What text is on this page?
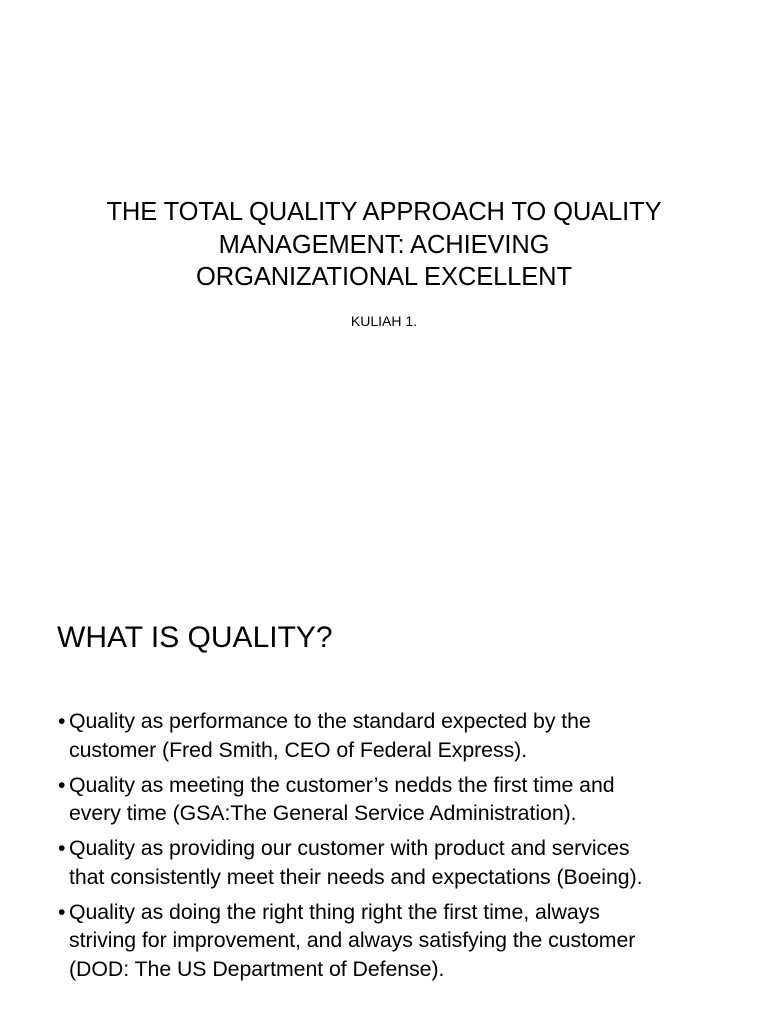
THE TOTAL QUALITY APPROACH TO QUALITY
MANAGEMENT: ACHIEVING
ORGANIZATIONAL EXCELLENT

KULIAH 1.

WHAT IS QUALITY?
• Quality as performance to the standard expected by the
customer (Fred Smith, CEO of Federal Express).
• Quality as meeting the customer’s nedds the first time and
every time (GSA:The General Service Administration).
• Quality as providing our customer with product and services
that consistently meet their needs and expectations (Boeing).
• Quality as doing the right thing right the first time, always
striving for improvement, and always satisfying the customer
(DOD: The US Department of Defense).
